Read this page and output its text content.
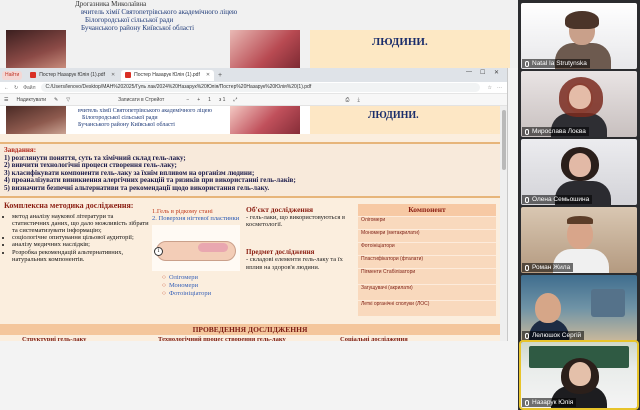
Дрогазника Миколаївна
вчитель хімії Святопетрівського академічного ліцею
Білогородської сільської ради
Бучанського району Київської області
ЛЮДИНИ.
Hайти	Постер Назарук Юлія (1).pdf ✕	Постер Назарук Юлія (1).pdf ✕ +	— ☐ ✕
← ↻ Файл	C:/Users/lenovo/Desktop/МАН%202025/Гуль лак/2024%20Назарук%20Юлія/Постер%20Назарук%20Юлія%20(1).pdf	☆ ⋯
☰ Надиктувати ✎ ▽	Записати в Стрейот	− + 1 з 1 ⤢	⎙ ⤓
вчитель хімії Святопетрівського академічного ліцею
Білогородської сільської ради
Бучанського району Київської області
ЛЮДИНИ.
Завдання:
1) розглянути поняття, суть та хімічний склад гель-лаку;
2) вивчити технологічні процеси створення гель-лаку;
3) класифікувати компоненти гель-лаку за їхнім впливом на організм людини;
4) проаналізувати виникнення алергічних реакцій та ризиків при використанні гель-лаків;
5) визначити безпечні альтернативи та рекомендації щодо використання гель-лаку.
Комплексна методика дослідження:
• метод аналізу наукової літератури та статистичних даних, що дало можливість зібрати та систематизувати інформацію;
• соціологічне опитування цільової аудиторії;
• аналізу медичних наслідків;
• Розробка рекомендацій альтернативних, натуральних компонентів.
1.Гель в рідкому стані
2. Поверхня нігтевої пластинки
1
○ Олігомери
○ Мономери
○ Фотоініціатори
Об'єкт дослідження
- гель-лаки, що використовуються в косметології.
Предмет дослідження
- складові елементи гель-лаку та їх вплив на здоров'я людини.
Компонент
Олігомери
Мономери (метакрилати)
Фотоініціатори
Пластифікатори (фталати)
Пігменти Стабілізатори
Загущувачі (акрилати)
Леткі органічні сполуки (ЛОС)
ПРОВЕДЕННЯ ДОСЛІДЖЕННЯ
Структурні гель-лаку	Технологічний процес створення гель-лаку	Соціальні дослідження
Natal Ia Strutynska
Мирослава Лоєва
Олена Семьошина
Роман Жила
Лелюшок Сергій
Назарук Юлія
